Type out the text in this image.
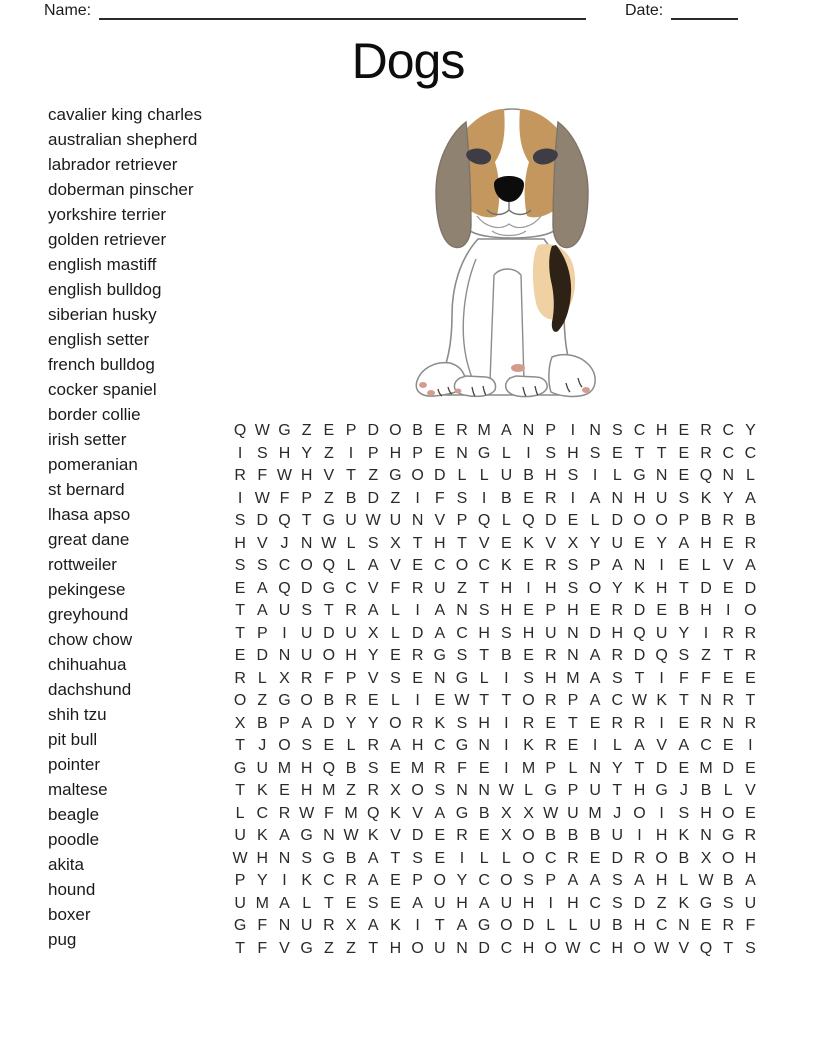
Name:	Date:
Dogs
cavalier king charles
australian shepherd
labrador retriever
doberman pinscher
yorkshire terrier
golden retriever
english mastiff
english bulldog
siberian husky
english setter
french bulldog
cocker spaniel
border collie
irish setter
pomeranian
st bernard
lhasa apso
great dane
rottweiler
pekingese
greyhound
chow chow
chihuahua
dachshund
shih tzu
pit bull
pointer
maltese
beagle
poodle
akita
hound
boxer
pug
Q W G Z E P D O B E R M A N P I N S C H E R C Y
I S H Y Z I P H P E N G L I S H S E T T E R C C
R F W H V T Z G O D L L U B H S I L G N E Q N L
I W F P Z B D Z I F S I B E R I A N H U S K Y A
S D Q T G U W U N V P Q L Q D E L D O O P B R B
H V J N W L S X T H T V E K V X Y U E Y A H E R
S S C O Q L A V E C O C K E R S P A N I E L V A
E A Q D G C V F R U Z T H I H S O Y K H T D E D
T A U S T R A L I A N S H E P H E R D E B H I O
T P I U D U X L D A C H S H U N D H Q U Y I R R
E D N U O H Y E R G S T B E R N A R D Q S Z T R
R L X R F P V S E N G L I S H M A S T I F F E E
O Z G O B R E L I E W T T O R P A C W K T N R T
X B P A D Y Y O R K S H I R E T E R R I E R N R
T J O S E L R A H C G N I K R E I L A V A C E I
G U M H Q B S E M R F E I M P L N Y T D E M D E
T K E H M Z R X O S N N W L G P U T H G J B L V
L C R W F M Q K V A G B X X W U M J O I S H O E
U K A G N W K V D E R E X O B B B U I H K N G R
W H N S G B A T S E I L L O C R E D R O B X O H
P Y I K C R A E P O Y C O S P A A S A H L W B A
U M A L T E S E A U H A U H I H C S D Z K G S U
G F N U R X A K I T A G O D L L U B H C N E R F
T F V G Z Z T H O U N D C H O W C H O W V Q T S
